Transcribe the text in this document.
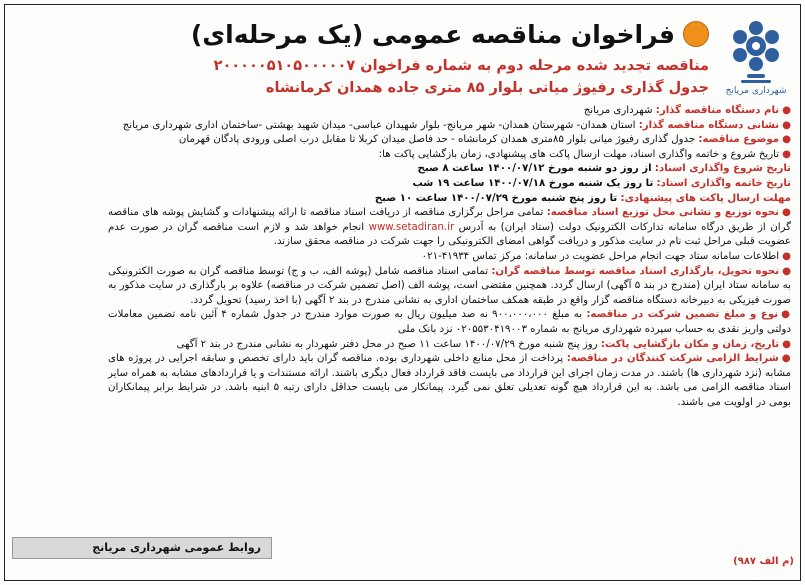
شهرداری مریانج
فراخوان مناقصه عمومی (یک مرحله‌ای)
مناقصه تجدید شده مرحله دوم به شماره فراخوان ۲۰۰۰۰۰۵۱۰۵۰۰۰۰۰۷
جدول گذاری رفیوژ میانی بلوار ۸۵ متری جاده همدان کرمانشاه

●نام دستگاه مناقصه گذار: شهرداری مریانج

●نشانی دستگاه مناقصه گذار: استان همدان- شهرستان همدان- شهر مریانج- بلوار شهیدان عباسی- میدان شهید بهشتی -ساختمان اداری شهرداری مریانج

●موضوع مناقصه: جدول گذاری رفیوژ میانی بلوار ۸۵متری همدان کرمانشاه - حد فاصل میدان کربلا تا مقابل درب اصلی ورودی پادگان قهرمان

●تاریخ شروع و خاتمه واگذاری اسناد، مهلت ارسال پاکت های پیشنهادی، زمان بازگشایی پاکت ها:

تاریخ شروع واگذاری اسناد: از روز دو شنبه مورخ ۱۴۰۰/۰۷/۱۲ ساعت ۸ صبح

تاریخ خاتمه واگذاری اسناد: تا روز یک شنبه مورخ ۱۴۰۰/۰۷/۱۸ ساعت ۱۹ شب

مهلت ارسال پاکت های پیشنهادی: تا روز پنج شنبه مورخ ۱۴۰۰/۰۷/۲۹ ساعت ۱۰ صبح

●نحوه توزیع و نشانی محل توزیع اسناد مناقصه: تمامی مراحل برگزاری مناقصه از دریافت اسناد مناقصه تا ارائه پیشنهادات و گشایش پوشه های مناقصه گران از طریق درگاه سامانه تدارکات الکترونیک دولت (ستاد ایران) به آدرس www.setadiran.ir انجام خواهد شد و لازم است مناقصه گران در صورت عدم عضویت قبلی مراحل ثبت نام در سایت مذکور و دریافت گواهی امضای الکترونیکی را جهت شرکت در مناقصه محقق سازند.

●اطلاعات سامانه ستاد جهت انجام مراحل عضویت در سامانه: مرکز تماس ۴۱۹۳۴-۰۲۱

●نحوه تحویل، بارگذاری اسناد مناقصه توسط مناقصه گران: تمامی اسناد مناقصه شامل (پوشه الف، ب و ج) توسط مناقصه گران به صورت الکترونیکی به سامانه ستاد ایران (مندرج در بند ۵ آگهی) ارسال گردد. همچنین مقتضی است، پوشه الف (اصل تضمین شرکت در مناقصه) علاوه بر بارگذاری در سایت مذکور به صورت فیزیکی به دبیرخانه دستگاه مناقصه گزار واقع در طبقه همکف ساختمان اداری به نشانی مندرج در بند ۲ آگهی (با اخذ رسید) تحویل گردد.

●نوع و مبلغ تضمین شرکت در مناقصه: به مبلغ ۹۰۰،۰۰۰،۰۰۰ نه صد میلیون ریال به صورت موارد مندرج در جدول شماره ۴ آئین نامه تضمین معاملات دولتی واریز نقدی به حساب سپرده شهرداری مریانج به شماره ۰۲۰۵۵۳۰۴۱۹۰۰۳ نزد بانک ملی

●تاریخ، زمان و مکان بازگشایی پاکت: روز پنج شنبه مورخ ۱۴۰۰/۰۷/۲۹ ساعت ۱۱ صبح در محل دفتر شهردار به نشانی مندرج در بند ۲ آگهی

●شرایط الزامی شرکت کنندگان در مناقصه: پرداخت از محل منابع داخلی شهرداری بوده. مناقصه گران باید دارای تخصص و سابقه اجرایی در پروژه های مشابه (نزد شهرداری ها) باشند. در مدت زمان اجرای این قرارداد می بایست فاقد قرارداد فعال دیگری باشند. ارائه مستندات و یا قراردادهای مشابه به همراه سایر اسناد مناقصه الزامی می باشد. به این قرارداد هیچ گونه تعدیلی تعلق نمی گیرد. پیمانکار می بایست حداقل دارای رتبه ۵ ابنیه باشد. در شرایط برابر پیمانکاران بومی در اولویت می باشند.

روابط عمومی شهرداری مریانج
(م الف ۹۸۷)
